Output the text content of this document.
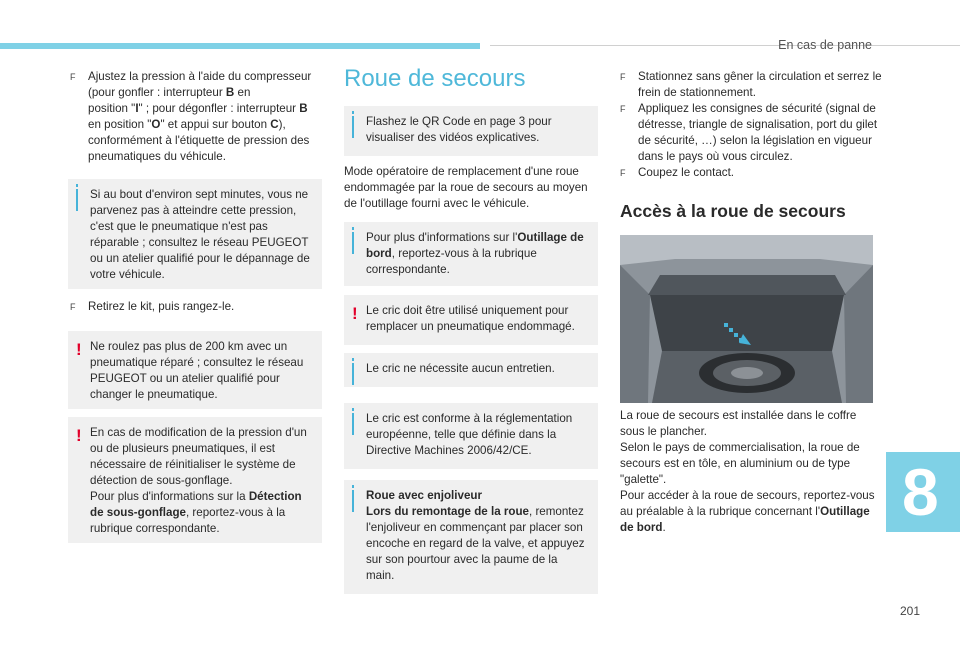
En cas de panne
8
201
F	Ajustez la pression à l'aide du compresseur
(pour gonfler : interrupteur B en
position "I" ; pour dégonfler : interrupteur B
en position "O" et appui sur bouton C),
conformément à l'étiquette de pression des
pneumatiques du véhicule.
Si au bout d'environ sept minutes, vous ne parvenez pas à atteindre cette pression, c'est que le pneumatique n'est pas réparable ; consultez le réseau PEUGEOT ou un atelier qualifié pour le dépannage de votre véhicule.
F	Retirez le kit, puis rangez-le.
! Ne roulez pas plus de 200 km avec un pneumatique réparé ; consultez le réseau PEUGEOT ou un atelier qualifié pour changer le pneumatique.
! En cas de modification de la pression d'un ou de plusieurs pneumatiques, il est nécessaire de réinitialiser le système de détection de sous-gonflage.
Pour plus d'informations sur la Détection de sous-gonflage, reportez-vous à la rubrique correspondante.
Roue de secours
Flashez le QR Code en page 3 pour visualiser des vidéos explicatives.
Mode opératoire de remplacement d'une roue endommagée par la roue de secours au moyen de l'outillage fourni avec le véhicule.
Pour plus d'informations sur l'Outillage de bord, reportez-vous à la rubrique correspondante.
! Le cric doit être utilisé uniquement pour remplacer un pneumatique endommagé.
Le cric ne nécessite aucun entretien.
Le cric est conforme à la réglementation européenne, telle que définie dans la Directive Machines 2006/42/CE.
Roue avec enjoliveur
Lors du remontage de la roue, remontez l'enjoliveur en commençant par placer son encoche en regard de la valve, et appuyez sur son pourtour avec la paume de la main.
F	Stationnez sans gêner la circulation et serrez le frein de stationnement.
F	Appliquez les consignes de sécurité (signal de détresse, triangle de signalisation, port du gilet de sécurité, …) selon la législation en vigueur dans le pays où vous circulez.
F	Coupez le contact.
Accès à la roue de secours
La roue de secours est installée dans le coffre sous le plancher.
Selon le pays de commercialisation, la roue de secours est en tôle, en aluminium ou de type "galette".
Pour accéder à la roue de secours, reportez-vous au préalable à la rubrique concernant l'Outillage de bord.
